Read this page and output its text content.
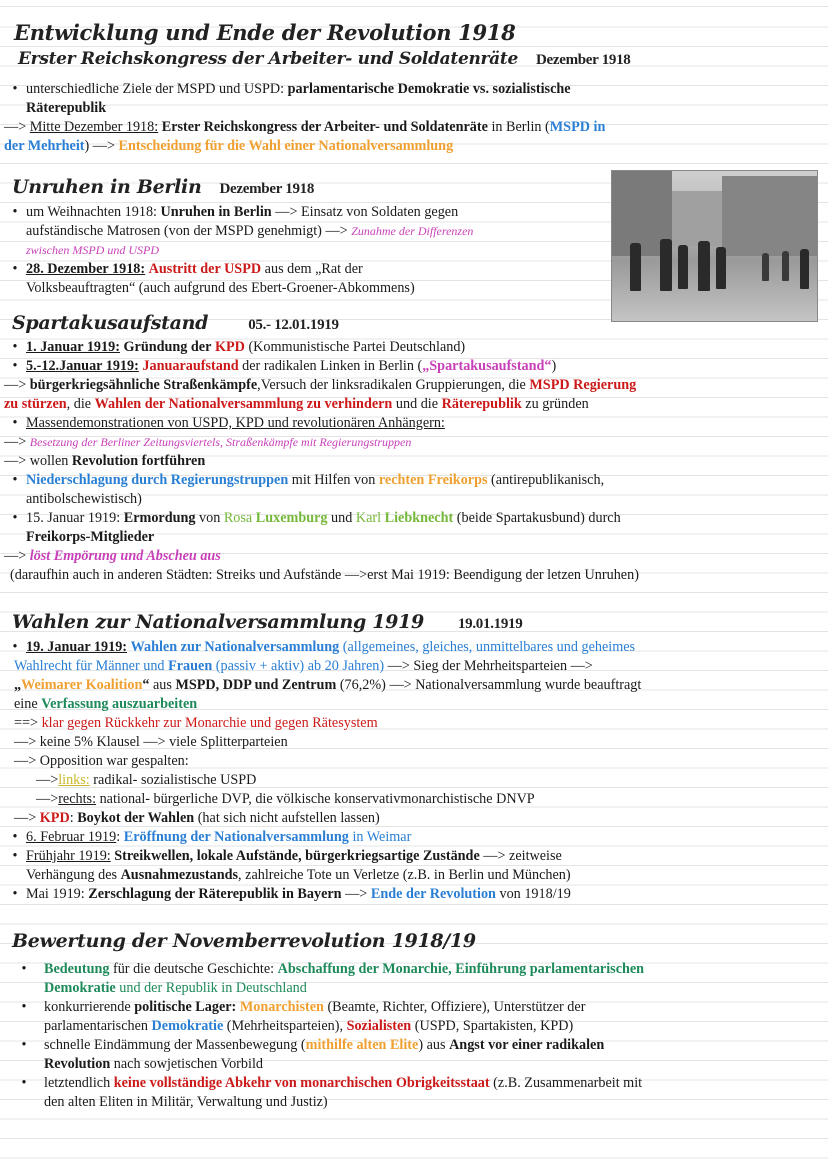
Entwicklung und Ende der Revolution 1918
Erster Reichskongress der Arbeiter- und Soldatenräte Dezember 1918
• unterschiedliche Ziele der MSPD und USPD: parlamentarische Demokratie vs. sozialistische
Räterepublik
—> Mitte Dezember 1918: Erster Reichskongress der Arbeiter- und Soldatenräte in Berlin (MSPD in
der Mehrheit) —> Entscheidung für die Wahl einer Nationalversammlung
Unruhen in Berlin Dezember 1918
• um Weihnachten 1918: Unruhen in Berlin —> Einsatz von Soldaten gegen
aufständische Matrosen (von der MSPD genehmigt) —> Zunahme der Differenzen
zwischen MSPD und USPD
• 28. Dezember 1918: Austritt der USPD aus dem „Rat der
Volksbeauftragten“ (auch aufgrund des Ebert-Groener-Abkommens)
Spartakusaufstand	05.- 12.01.1919
• 1. Januar 1919: Gründung der KPD (Kommunistische Partei Deutschland)
• 5.-12.Januar 1919: Januaraufstand der radikalen Linken in Berlin („Spartakusaufstand“)
—> bürgerkriegsähnliche Straßenkämpfe,Versuch der linksradikalen Gruppierungen, die MSPD Regierung
zu stürzen, die Wahlen der Nationalversammlung zu verhindern und die Räterepublik zu gründen
• Massendemonstrationen von USPD, KPD und revolutionären Anhängern:
—> Besetzung der Berliner Zeitungsviertels, Straßenkämpfe mit Regierungstruppen
—> wollen Revolution fortführen
• Niederschlagung durch Regierungstruppen mit Hilfen von rechten Freikorps (antirepublikanisch,
antibolschewistisch)
• 15. Januar 1919: Ermordung von Rosa Luxemburg und Karl Liebknecht (beide Spartakusbund) durch
Freikorps-Mitglieder
—> löst Empörung und Abscheu aus
(daraufhin auch in anderen Städten: Streiks und Aufstände —>erst Mai 1919: Beendigung der letzen Unruhen)
Wahlen zur Nationalversammlung 1919 19.01.1919
• 19. Januar 1919: Wahlen zur Nationalversammlung (allgemeines, gleiches, unmittelbares und geheimes
Wahlrecht für Männer und Frauen (passiv + aktiv) ab 20 Jahren) —> Sieg der Mehrheitsparteien —>
„Weimarer Koalition“ aus MSPD, DDP und Zentrum (76,2%) —> Nationalversammlung wurde beauftragt
eine Verfassung auszuarbeiten
==> klar gegen Rückkehr zur Monarchie und gegen Rätesystem
—> keine 5% Klausel —> viele Splitterparteien
—> Opposition war gespalten:
—>links: radikal- sozialistische USPD
—>rechts: national- bürgerliche DVP, die völkische konservativmonarchistische DNVP
—> KPD: Boykot der Wahlen (hat sich nicht aufstellen lassen)
• 6. Februar 1919: Eröffnung der Nationalversammlung in Weimar
• Frühjahr 1919: Streikwellen, lokale Aufstände, bürgerkriegsartige Zustände —> zeitweise
Verhängung des Ausnahmezustands, zahlreiche Tote un Verletze (z.B. in Berlin und München)
• Mai 1919: Zerschlagung der Räterepublik in Bayern —> Ende der Revolution von 1918/19
Bewertung der Novemberrevolution 1918/19
•	Bedeutung für die deutsche Geschichte: Abschaffung der Monarchie, Einführung parlamentarischen
Demokratie und der Republik in Deutschland
•	konkurrierende politische Lager: Monarchisten (Beamte, Richter, Offiziere), Unterstützer der
parlamentarischen Demokratie (Mehrheitsparteien), Sozialisten (USPD, Spartakisten, KPD)
•	schnelle Eindämmung der Massenbewegung (mithilfe alten Elite) aus Angst vor einer radikalen
Revolution nach sowjetischen Vorbild
•	letztendlich keine vollständige Abkehr von monarchischen Obrigkeitsstaat (z.B. Zusammenarbeit mit
den alten Eliten in Militär, Verwaltung und Justiz)
